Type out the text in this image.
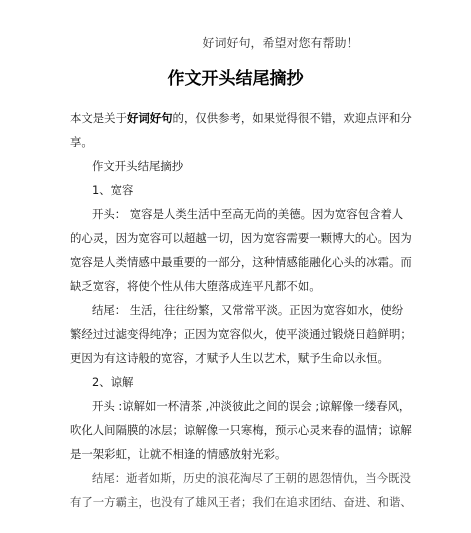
好词好句，希望对您有帮助！
作文开头结尾摘抄

本文是关于好词好句的，仅供参考，如果觉得很不错，欢迎点评和分享。

作文开头结尾摘抄

1、宽容

开头： 宽容是人类生活中至高无尚的美德。因为宽容包含着人的心灵，因为宽容可以超越一切，因为宽容需要一颗博大的心。因为宽容是人类情感中最重要的一部分，这种情感能融化心头的冰霜。而缺乏宽容，将使个性从伟大堕落成连平凡都不如。

结尾： 生活，往往纷繁，又常常平淡。正因为宽容如水，使纷繁经过过滤变得纯净；正因为宽容似火，使平淡通过锻烧日趋鲜明；更因为有这诗般的宽容，才赋予人生以艺术，赋予生命以永恒。

2、谅解

开头 :谅解如一杯清茶 ,冲淡彼此之间的误会 ;谅解像一缕春风，吹化人间隔膜的冰层；谅解像一只寒梅，预示心灵来春的温情；谅解是一架彩虹，让就不相逢的情感放射光彩。

结尾：逝者如斯，历史的浪花淘尽了王朝的恩怨情仇，当今既没有了一方霸主，也没有了雄风王者；我们在追求团结、奋进、和谐、
